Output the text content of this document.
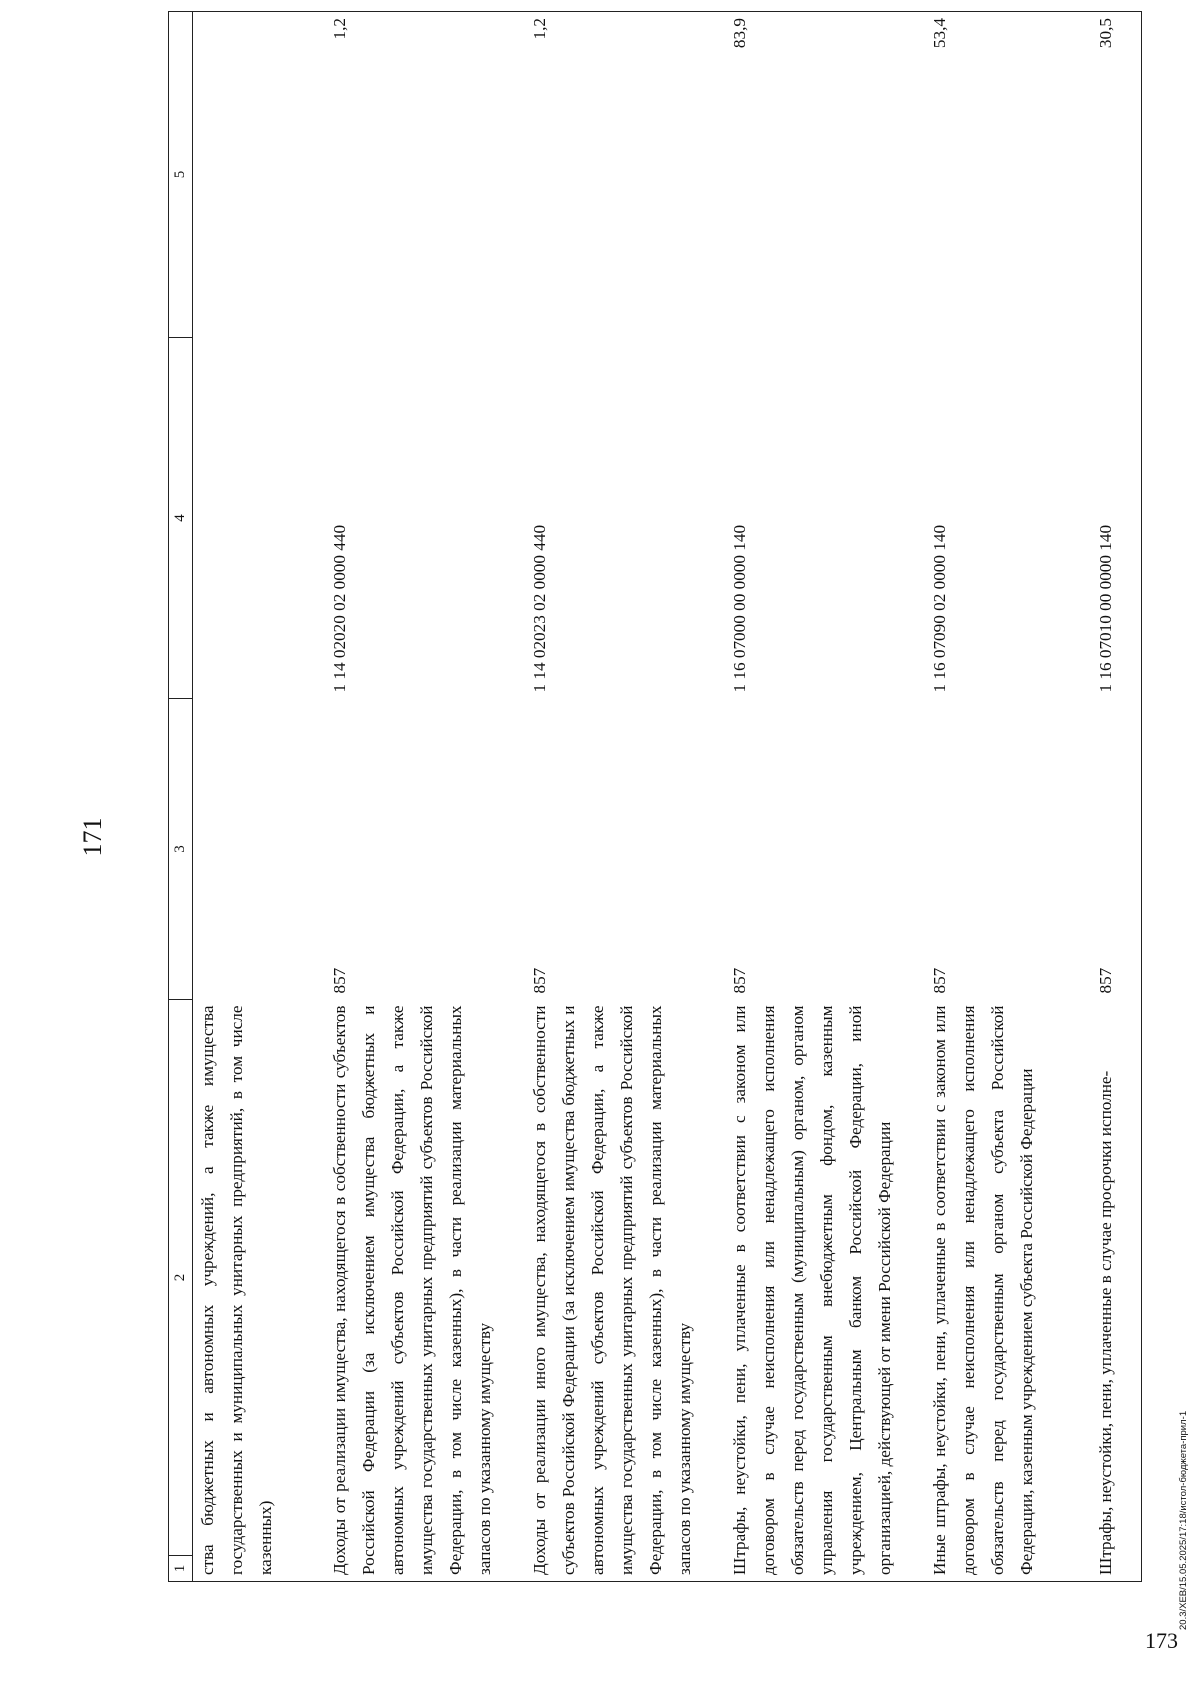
171
1	2	3	4	5
ства бюджетных и автономных учреждений, а также имущества государственных и муниципальных унитарных предприятий, в том числе казенных)				
Доходы от реализации имущества, находящегося в собственности субъектов Российской Федерации (за исключением имущества бюджетных и автономных учреждений субъектов Российской Федерации, а также имущества государственных унитарных предприятий субъектов Российской Федерации, в том числе казенных), в части реализации материальных запасов по указанному имуществу		857	1 14 02020 02 0000 440	1,2
Доходы от реализации иного имущества, находящегося в собственности субъектов Российской Федерации (за исключением имущества бюджетных и автономных учреждений субъектов Российской Федерации, а также имущества государственных унитарных предприятий субъектов Российской Федерации, в том числе казенных), в части реализации материальных запасов по указанному имуществу		857	1 14 02023 02 0000 440	1,2
Штрафы, неустойки, пени, уплаченные в соответствии с законом или договором в случае неисполнения или ненадлежащего исполнения обязательств перед государственным (муниципальным) органом, органом управления государственным внебюджетным фондом, казенным учреждением, Центральным банком Российской Федерации, иной организацией, действующей от имени Российской Федерации		857	1 16 07000 00 0000 140	83,9
Иные штрафы, неустойки, пени, уплаченные в соответствии с законом или договором в случае неисполнения или ненадлежащего исполнения обязательств перед государственным органом субъекта Российской Федерации, казенным учреждением субъекта Российской Федерации		857	1 16 07090 02 0000 140	53,4
Штрафы, неустойки, пени, уплаченные в случае просрочки исполне-		857	1 16 07010 00 0000 140	30,5
173
20.3/XEB/15.05.2025/17:18/истол-бюджета-прил-1
